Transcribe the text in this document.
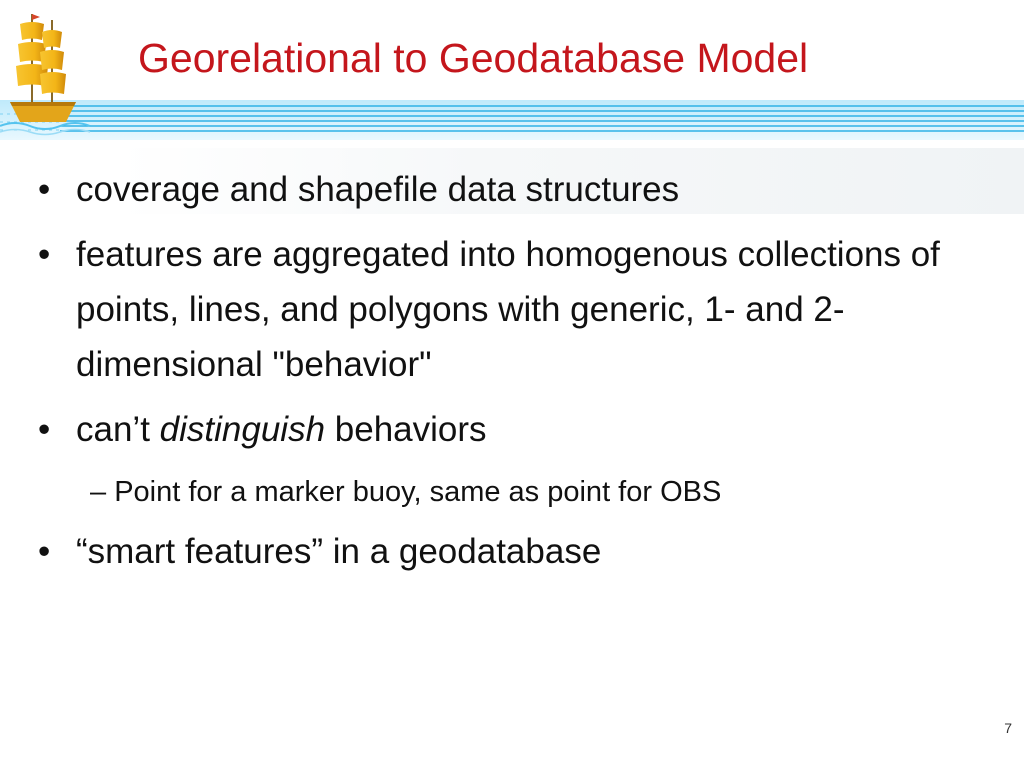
Georelational to Geodatabase Model
• coverage and shapefile data structures
• features are aggregated into homogenous collections of points, lines, and polygons with generic, 1- and 2-dimensional "behavior"
• can’t distinguish behaviors
– Point for a marker buoy, same as point for OBS
• “smart features” in a geodatabase
7
